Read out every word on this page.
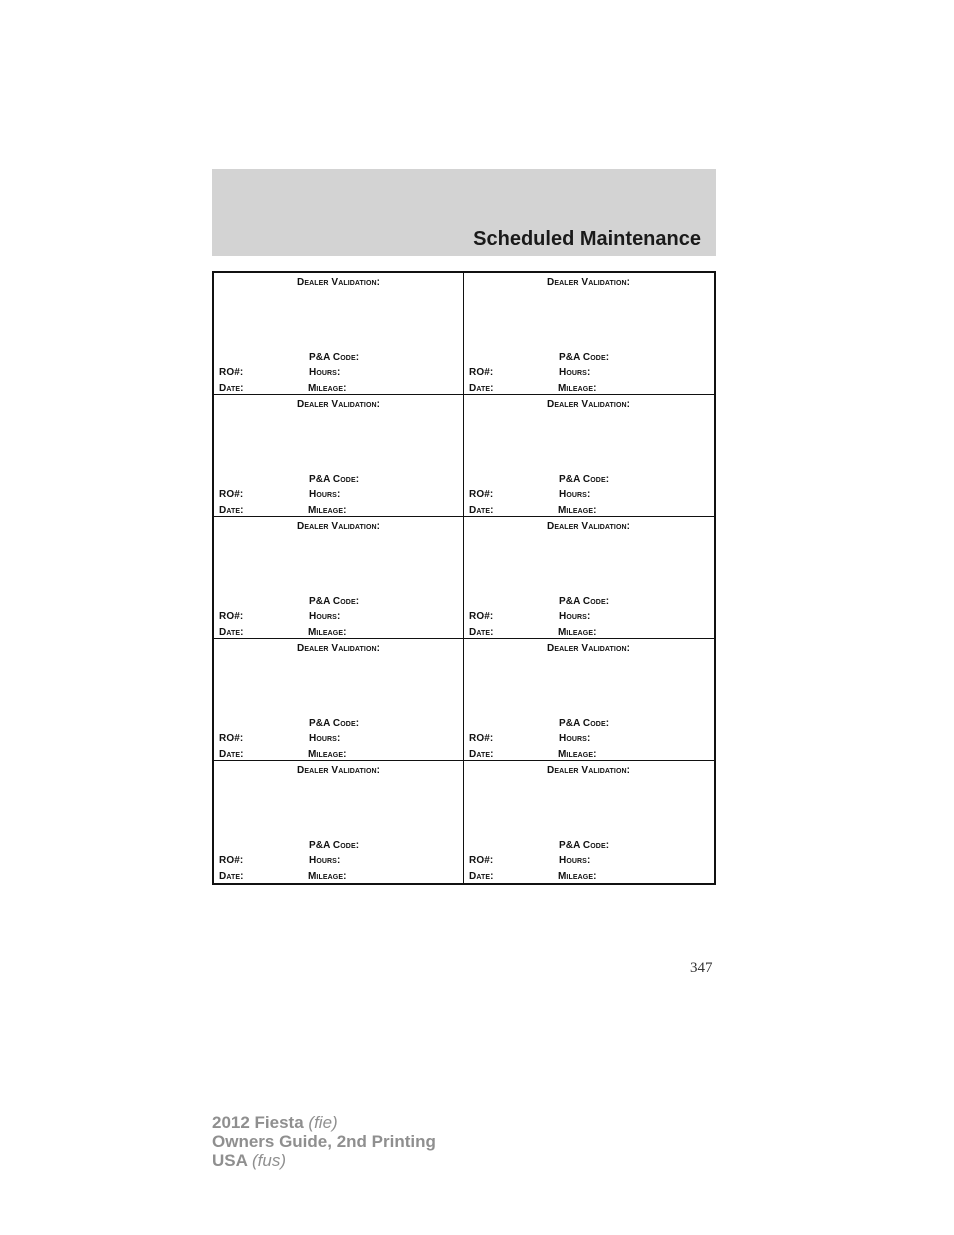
Scheduled Maintenance
Dealer Validation:
P&A Code:
RO#:	Hours:
Date:	Mileage:
Dealer Validation:
P&A Code:
RO#:	Hours:
Date:	Mileage:
Dealer Validation:
P&A Code:
RO#:	Hours:
Date:	Mileage:
Dealer Validation:
P&A Code:
RO#:	Hours:
Date:	Mileage:
Dealer Validation:
P&A Code:
RO#:	Hours:
Date:	Mileage:
Dealer Validation:
P&A Code:
RO#:	Hours:
Date:	Mileage:
Dealer Validation:
P&A Code:
RO#:	Hours:
Date:	Mileage:
Dealer Validation:
P&A Code:
RO#:	Hours:
Date:	Mileage:
Dealer Validation:
P&A Code:
RO#:	Hours:
Date:	Mileage:
Dealer Validation:
P&A Code:
RO#:	Hours:
Date:	Mileage:
347
2012 Fiesta (fie)
Owners Guide, 2nd Printing
USA (fus)
